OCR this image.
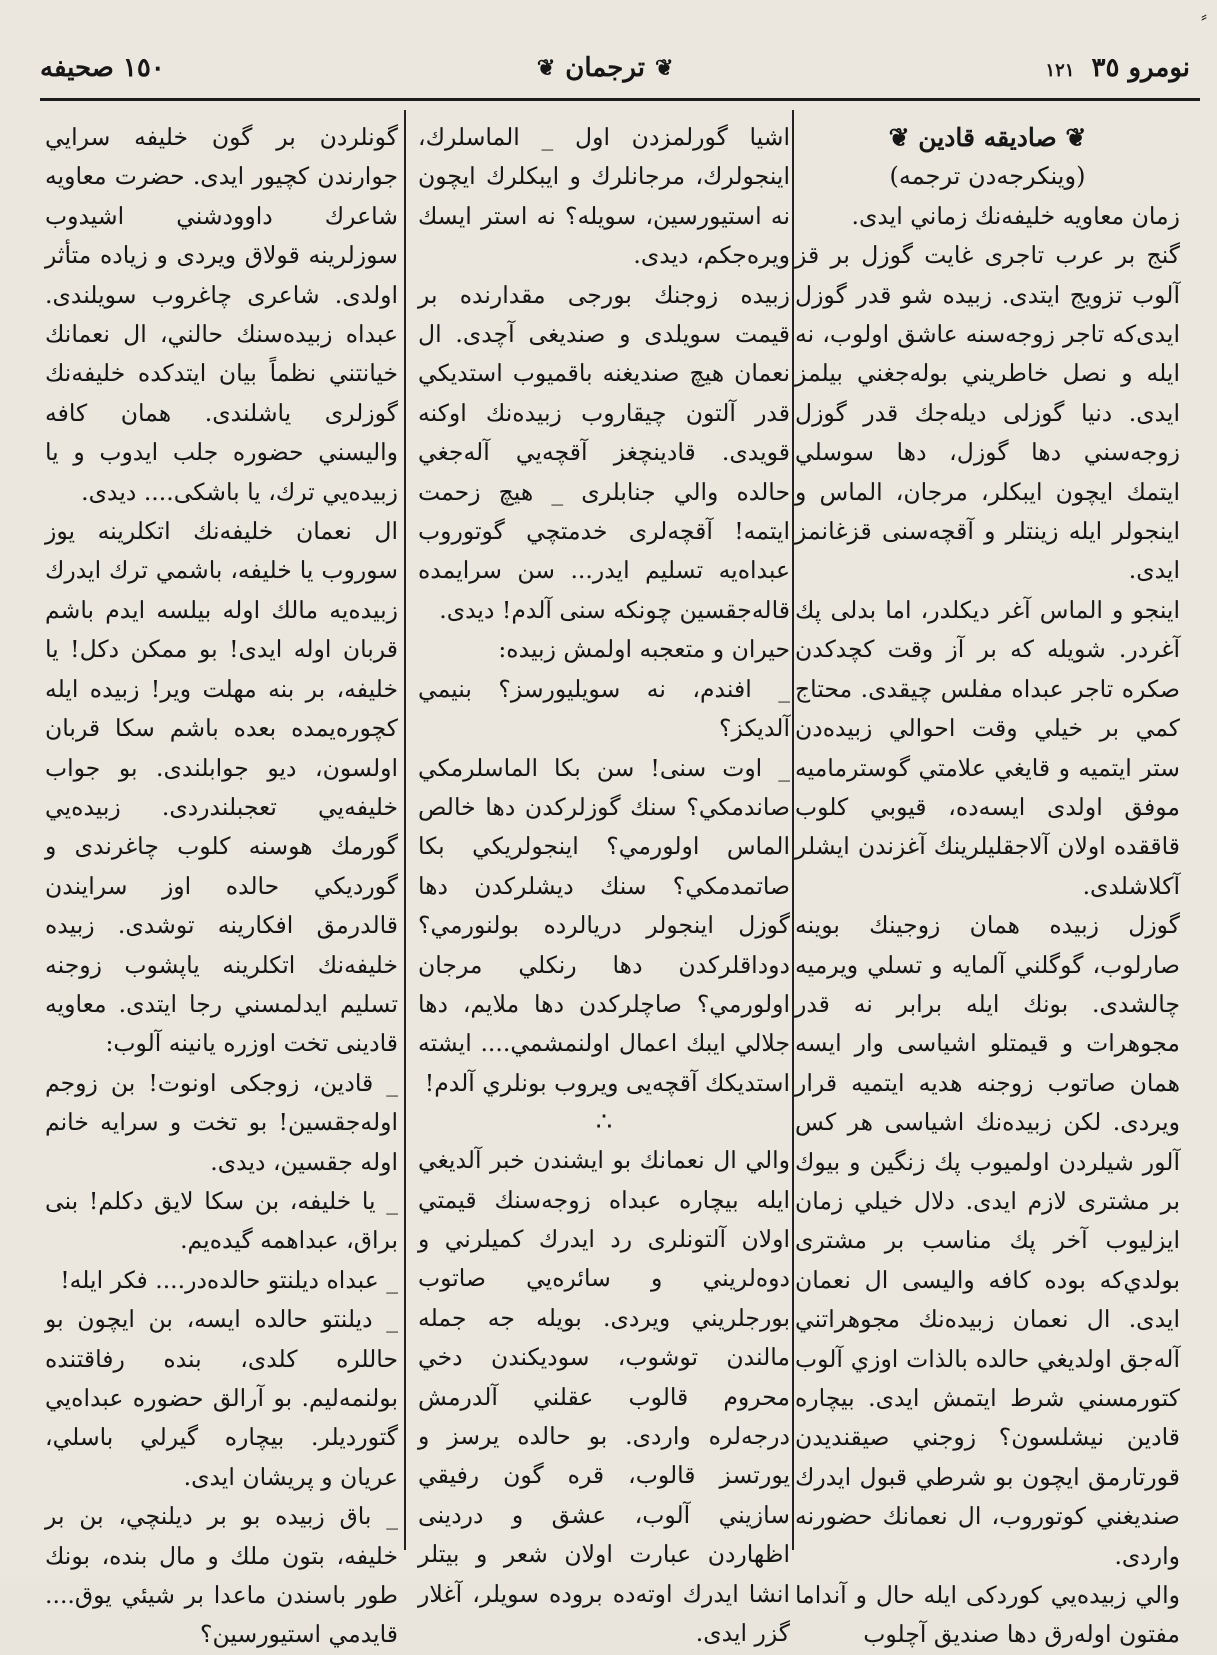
⸗
نومرو ٣٥ ١٢١
❦
ترجمان
❦
١٥٠ صحيفه
❦ صاديقه قادين ❦
(وينكرجه‌دن ترجمه)

زمان معاويه خليفه‌نك زماني ايدى.

گنج بر عرب تاجرى غايت گوزل بر قز آلوب تزويج ايتدى. زبيده شو قدر گوزل ايدى‌كه تاجر زوجه‌سنه عاشق اولوب، نه ايله و نصل خاطريني بوله‌جغني بيلمز ايدى. دنيا گوزلى ديله‌جك قدر گوزل زوجه‌سني دها گوزل، دها سوسلي ايتمك ايچون ايبكلر، مرجان، الماس و اينجولر ايله زينتلر و آقچه‌سنى قزغانمز ايدى.

اينجو و الماس آغر ديكلدر، اما بدلى پك آغردر. شويله كه بر آز وقت كچدكدن صكره تاجر عبداه مفلس چيقدى. محتاج كمي بر خيلي وقت احوالي زبيده‌دن ستر ايتميه و قايغي علامتي گوسترماميه موفق اولدى ايسه‌ده، قيوبي كلوب قاققده اولان آلاجقليلرينك آغزندن ايشلر آكلاشلدى.

گوزل زبيده همان زوجينك بوينه صارلوب، گوگلني آلمايه و تسلي ويرميه چالشدى. بونك ايله برابر نه قدر مجوهرات و قيمتلو اشياسى وار ايسه همان صاتوب زوجنه هديه ايتميه قرار ويردى. لكن زبيده‌نك اشياسى هر كس آلور شيلردن اولميوب پك زنگين و بيوك بر مشترى لازم ايدى. دلال خيلي زمان ايزليوب آخر پك مناسب بر مشترى بولدي‌كه بوده كافه واليسى ال نعمان ايدى. ال نعمان زبيده‌نك مجوهراتني آله‌جق اولديغي حالده بالذات اوزي آلوب كتورمسني شرط ايتمش ايدى. بيچاره قادين نيشلسون؟ زوجني صيقنديدن قورتارمق ايچون بو شرطي قبول ايدرك صنديغني كوتوروب، ال نعمانك حضورنه واردى.

والي زبيده‌يي كوردكى ايله حال و آنداما مفتون اوله‌رق دها صنديق آچلوب

اشيا گورلمزدن اول _ الماسلرك، اينجولرك، مرجانلرك و ايبكلرك ايچون نه استيورسين، سويله؟ نه استر ايسك ويره‌جكم، ديدى.

زبيده زوجنك بورجى مقدارنده بر قيمت سويلدى و صنديغى آچدى. ال نعمان هيچ صنديغنه باقميوب استديكي قدر آلتون چيقاروب زبيده‌نك اوكنه قويدى. قادينچغز آقچه‌يي آله‌جغي حالده والي جنابلرى _ هيچ زحمت ايتمه! آقچه‌لرى خدمتچي گوتوروب عبداه‌يه تسليم ايدر... سن سرايمده قاله‌جقسين چونكه سنى آلدم! ديدى.

حيران و متعجبه اولمش زبيده:

_ افندم، نه سويليورسز؟ بنيمي آلديكز؟

_ اوت سنى! سن بكا الماسلرمكي صاندمكي؟ سنك گوزلركدن دها خالص الماس اولورمي؟ اينجولريكي بكا صاتمدمكي؟ سنك ديشلركدن دها گوزل اينجولر دريالرده بولنورمي؟ دوداقلركدن دها رنكلي مرجان اولورمي؟ صاچلركدن دها ملايم، دها جلالي ايبك اعمال اولنمشمي.... ايشته استديكك آقچه‌يى ويروب بونلري آلدم!

∴

والي ال نعمانك بو ايشندن خبر آلديغي ايله بيچاره عبداه زوجه‌سنك قيمتي اولان آلتونلرى رد ايدرك كميلرني و دوه‌لريني و سائره‌يي صاتوب بورجلريني ويردى. بويله جه جمله مالندن توشوب، سوديكندن دخي محروم قالوب عقلني آلدرمش درجه‌لره واردى. بو حالده يرسز و يورتسز قالوب، قره گون رفيقي سازيني آلوب، عشق و دردينى اظهاردن عبارت اولان شعر و بيتلر انشا ايدرك اوته‌ده بروده سويلر، آغلار گزر ايدى.

گونلردن بر گون خليفه سرايي جوارندن كچيور ايدى. حضرت معاويه شاعرك داوودشني اشيدوب سوزلرينه قولاق ويردى و زياده متأثر اولدى. شاعرى چاغروب سويلندى. عبداه زبيده‌سنك حالني، ال نعمانك خيانتني نظماً بيان ايتدكده خليفه‌نك گوزلرى ياشلندى. همان كافه واليسني حضوره جلب ايدوب و يا زبيده‌يي ترك، يا باشكى.... ديدى.

ال نعمان خليفه‌نك اتكلرينه يوز سوروب يا خليفه، باشمي ترك ايدرك زبيده‌يه مالك اوله بيلسه ايدم باشم قربان اوله ايدى! بو ممكن دكل! يا خليفه، بر بنه مهلت وير! زبيده ايله كچوره‌يمده بعده باشم سكا قربان اولسون، ديو جوابلندى. بو جواب خليفه‌يي تعجبلندردى. زبيده‌يي گورمك هوسنه كلوب چاغرندى و گورديكي حالده اوز سرايندن قالدرمق افكارينه توشدى. زبيده خليفه‌نك اتكلرينه ياپشوب زوجنه تسليم ايدلمسني رجا ايتدى. معاويه قادينى تخت اوزره يانينه آلوب:

_ قادين، زوجكى اونوت! بن زوجم اوله‌جقسين! بو تخت و سرايه خانم اوله جقسين، ديدى.

_ يا خليفه، بن سكا لايق دكلم! بنى براق، عبداهمه گيده‌يم.

_ عبداه ديلنتو حالده‌در.... فكر ايله!

_ ديلنتو حالده ايسه، بن ايچون بو حاللره كلدى، بنده رفاقتنده بولنمه‌ليم. بو آرالق حضوره عبداه‌يي گتورديلر. بيچاره گيرلي باسلي، عريان و پريشان ايدى.

_ باق زبيده بو بر ديلنچي، بن بر خليفه، بتون ملك و مال بنده، بونك طور باسندن ماعدا بر شيئي يوق.... قايدمي استيورسين؟
